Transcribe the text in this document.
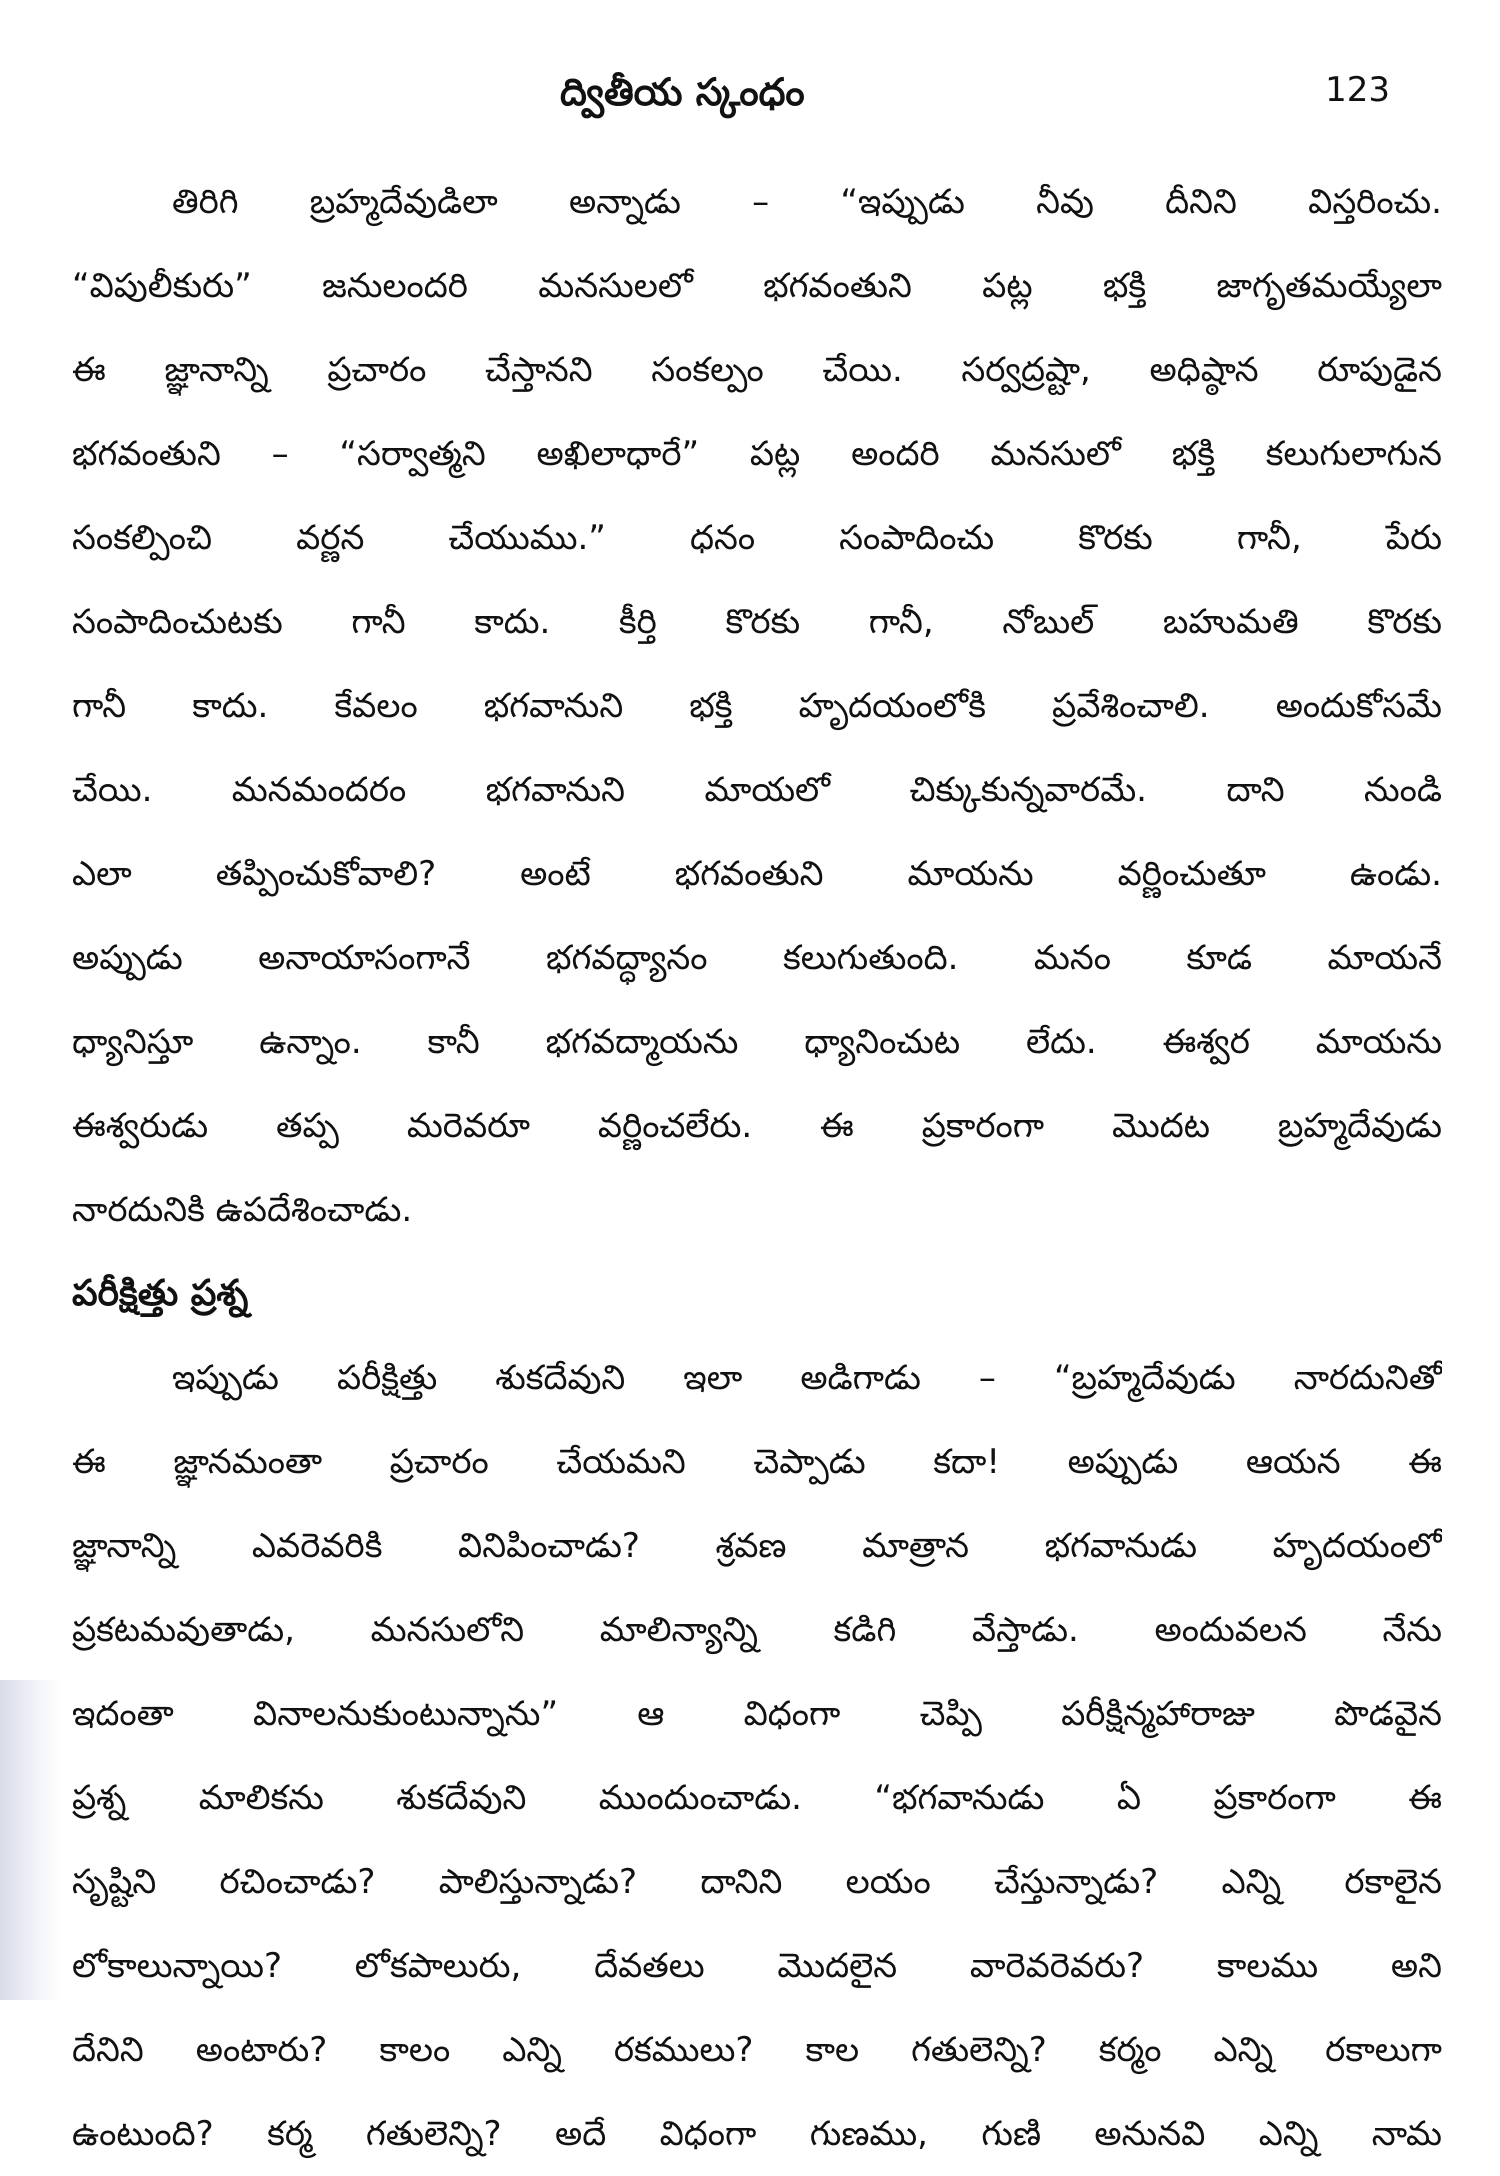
ద్వితీయ స్కంధం	123
తిరిగి బ్రహ్మదేవుడిలా అన్నాడు – “ఇప్పుడు నీవు దీనిని విస్తరించు.
“విపులీకురు” జనులందరి మనసులలో భగవంతుని పట్ల భక్తి జాగృతమయ్యేలా
ఈ జ్ఞానాన్ని ప్రచారం చేస్తానని సంకల్పం చేయి. సర్వద్రష్టా, అధిష్ఠాన రూపుడైన
భగవంతుని – “సర్వాత్మని అఖిలాధారే” పట్ల అందరి మనసులో భక్తి కలుగులాగున
సంకల్పించి వర్ణన చేయుము.” ధనం సంపాదించు కొరకు గానీ, పేరు
సంపాదించుటకు గానీ కాదు. కీర్తి కొరకు గానీ, నోబుల్ బహుమతి కొరకు
గానీ కాదు. కేవలం భగవానుని భక్తి హృదయంలోకి ప్రవేశించాలి. అందుకోసమే
చేయి. మనమందరం భగవానుని మాయలో చిక్కుకున్నవారమే. దాని నుండి
ఎలా తప్పించుకోవాలి? అంటే భగవంతుని మాయను వర్ణించుతూ ఉండు.
అప్పుడు అనాయాసంగానే భగవద్ధ్యానం కలుగుతుంది. మనం కూడ మాయనే
ధ్యానిస్తూ ఉన్నాం. కానీ భగవద్మాయను ధ్యానించుట లేదు. ఈశ్వర మాయను
ఈశ్వరుడు తప్ప మరెవరూ వర్ణించలేరు. ఈ ప్రకారంగా మొదట బ్రహ్మదేవుడు
నారదునికి ఉపదేశించాడు.
పరీక్షిత్తు ప్రశ్న
ఇప్పుడు పరీక్షిత్తు శుకదేవుని ఇలా అడిగాడు – “బ్రహ్మదేవుడు నారదునితో
ఈ జ్ఞానమంతా ప్రచారం చేయమని చెప్పాడు కదా! అప్పుడు ఆయన ఈ
జ్ఞానాన్ని ఎవరెవరికి వినిపించాడు? శ్రవణ మాత్రాన భగవానుడు హృదయంలో
ప్రకటమవుతాడు, మనసులోని మాలిన్యాన్ని కడిగి వేస్తాడు. అందువలన నేను
ఇదంతా వినాలనుకుంటున్నాను” ఆ విధంగా చెప్పి పరీక్షిన్మహారాజు పొడవైన
ప్రశ్న మాలికను శుకదేవుని ముందుంచాడు. “భగవానుడు ఏ ప్రకారంగా ఈ
సృష్టిని రచించాడు? పాలిస్తున్నాడు? దానిని లయం చేస్తున్నాడు? ఎన్ని రకాలైన
లోకాలున్నాయి? లోకపాలురు, దేవతలు మొదలైన వారెవరెవరు? కాలము అని
దేనిని అంటారు? కాలం ఎన్ని రకములు? కాల గతులెన్ని? కర్మం ఎన్ని రకాలుగా
ఉంటుంది? కర్మ గతులెన్ని? అదే విధంగా గుణము, గుణి అనునవి ఎన్ని నామ
